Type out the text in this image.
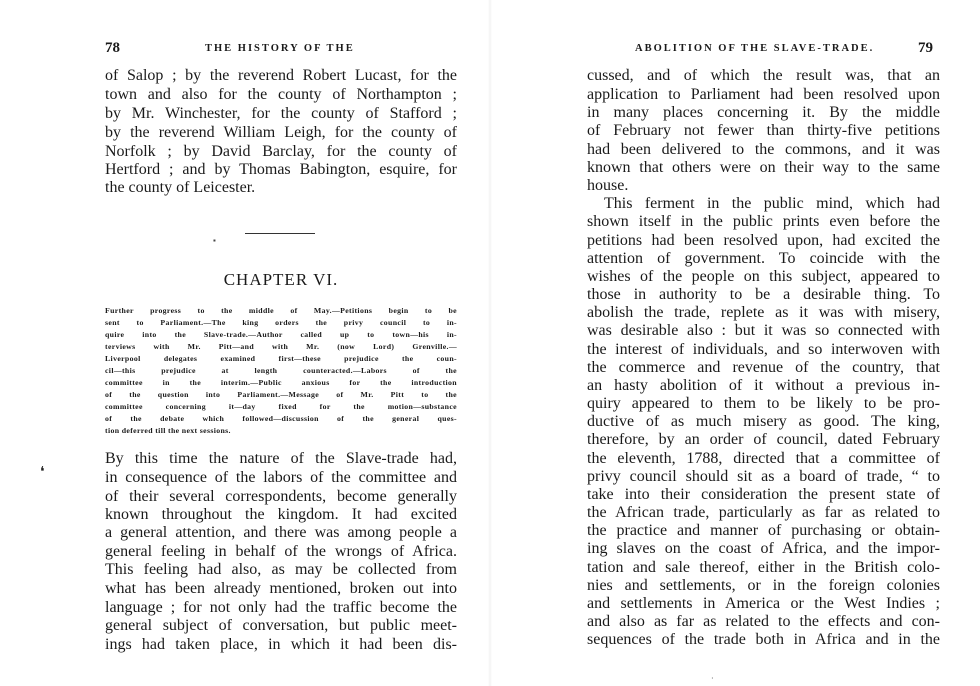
78	THE HISTORY OF THE
of Salop ; by the reverend Robert Lucast, for the
town and also for the county of Northampton ;
by Mr. Winchester, for the county of Stafford ;
by the reverend William Leigh, for the county of
Norfolk ; by David Barclay, for the county of
Hertford ; and by Thomas Babington, esquire, for
the county of Leicester.
▪
CHAPTER VI.
Further progress to the middle of May.—Petitions begin to be
sent to Parliament.—The king orders the privy council to in-
quire into the Slave-trade.—Author called up to town—his in-
terviews with Mr. Pitt—and with Mr. (now Lord) Grenville.—
Liverpool delegates examined first—these prejudice the coun-
cil—this prejudice at length counteracted.—Labors of the
committee in the interim.—Public anxious for the introduction
of the question into Parliament.—Message of Mr. Pitt to the
committee concerning it—day fixed for the motion—substance
of the debate which followed—discussion of the general ques-
tion deferred till the next sessions.
❛
By this time the nature of the Slave-trade had,
in consequence of the labors of the committee and
of their several correspondents, become generally
known throughout the kingdom. It had excited
a general attention, and there was among people a
general feeling in behalf of the wrongs of Africa.
This feeling had also, as may be collected from
what has been already mentioned, broken out into
language ; for not only had the traffic become the
general subject of conversation, but public meet-
ings had taken place, in which it had been dis-
ABOLITION OF THE SLAVE-TRADE.	79
cussed, and of which the result was, that an
application to Parliament had been resolved upon
in many places concerning it. By the middle
of February not fewer than thirty-five petitions
had been delivered to the commons, and it was
known that others were on their way to the same
house.
This ferment in the public mind, which had
shown itself in the public prints even before the
petitions had been resolved upon, had excited the
attention of government. To coincide with the
wishes of the people on this subject, appeared to
those in authority to be a desirable thing. To
abolish the trade, replete as it was with misery,
was desirable also : but it was so connected with
the interest of individuals, and so interwoven with
the commerce and revenue of the country, that
an hasty abolition of it without a previous in-
quiry appeared to them to be likely to be pro-
ductive of as much misery as good. The king,
therefore, by an order of council, dated February
the eleventh, 1788, directed that a committee of
privy council should sit as a board of trade, “ to
take into their consideration the present state of
the African trade, particularly as far as related to
the practice and manner of purchasing or obtain-
ing slaves on the coast of Africa, and the impor-
tation and sale thereof, either in the British colo-
nies and settlements, or in the foreign colonies
and settlements in America or the West Indies ;
and also as far as related to the effects and con-
sequences of the trade both in Africa and in the
·
